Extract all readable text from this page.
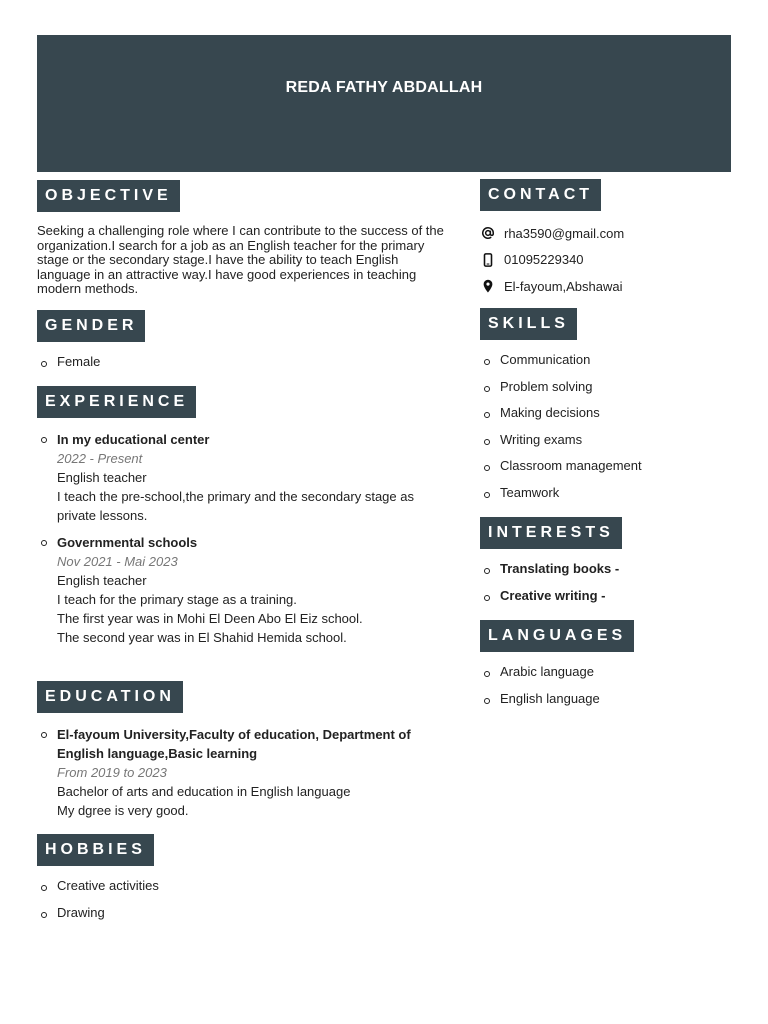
REDA FATHY ABDALLAH
OBJECTIVE
Seeking a challenging role where I can contribute to the success of the organization.I search for a job as an English teacher for the primary stage or the secondary stage.I have the ability to teach English language in an attractive way.I have good experiences in teaching modern methods.
GENDER
Female
EXPERIENCE
In my educational center
2022 - Present
English teacher
I teach the pre-school,the primary and the secondary stage as private lessons.
Governmental schools
Nov 2021 - Mai 2023
English teacher
I teach for the primary stage as a training.
The first year was in Mohi El Deen Abo El Eiz school.
The second year was in El Shahid Hemida school.
EDUCATION
El-fayoum University,Faculty of education, Department of English language,Basic learning
From 2019 to 2023
Bachelor of arts and education in English language
My dgree is very good.
HOBBIES
Creative activities
Drawing
CONTACT
rha3590@gmail.com
01095229340
El-fayoum,Abshawai
SKILLS
Communication
Problem solving
Making decisions
Writing exams
Classroom management
Teamwork
INTERESTS
Translating books -
Creative writing -
LANGUAGES
Arabic language
English language
